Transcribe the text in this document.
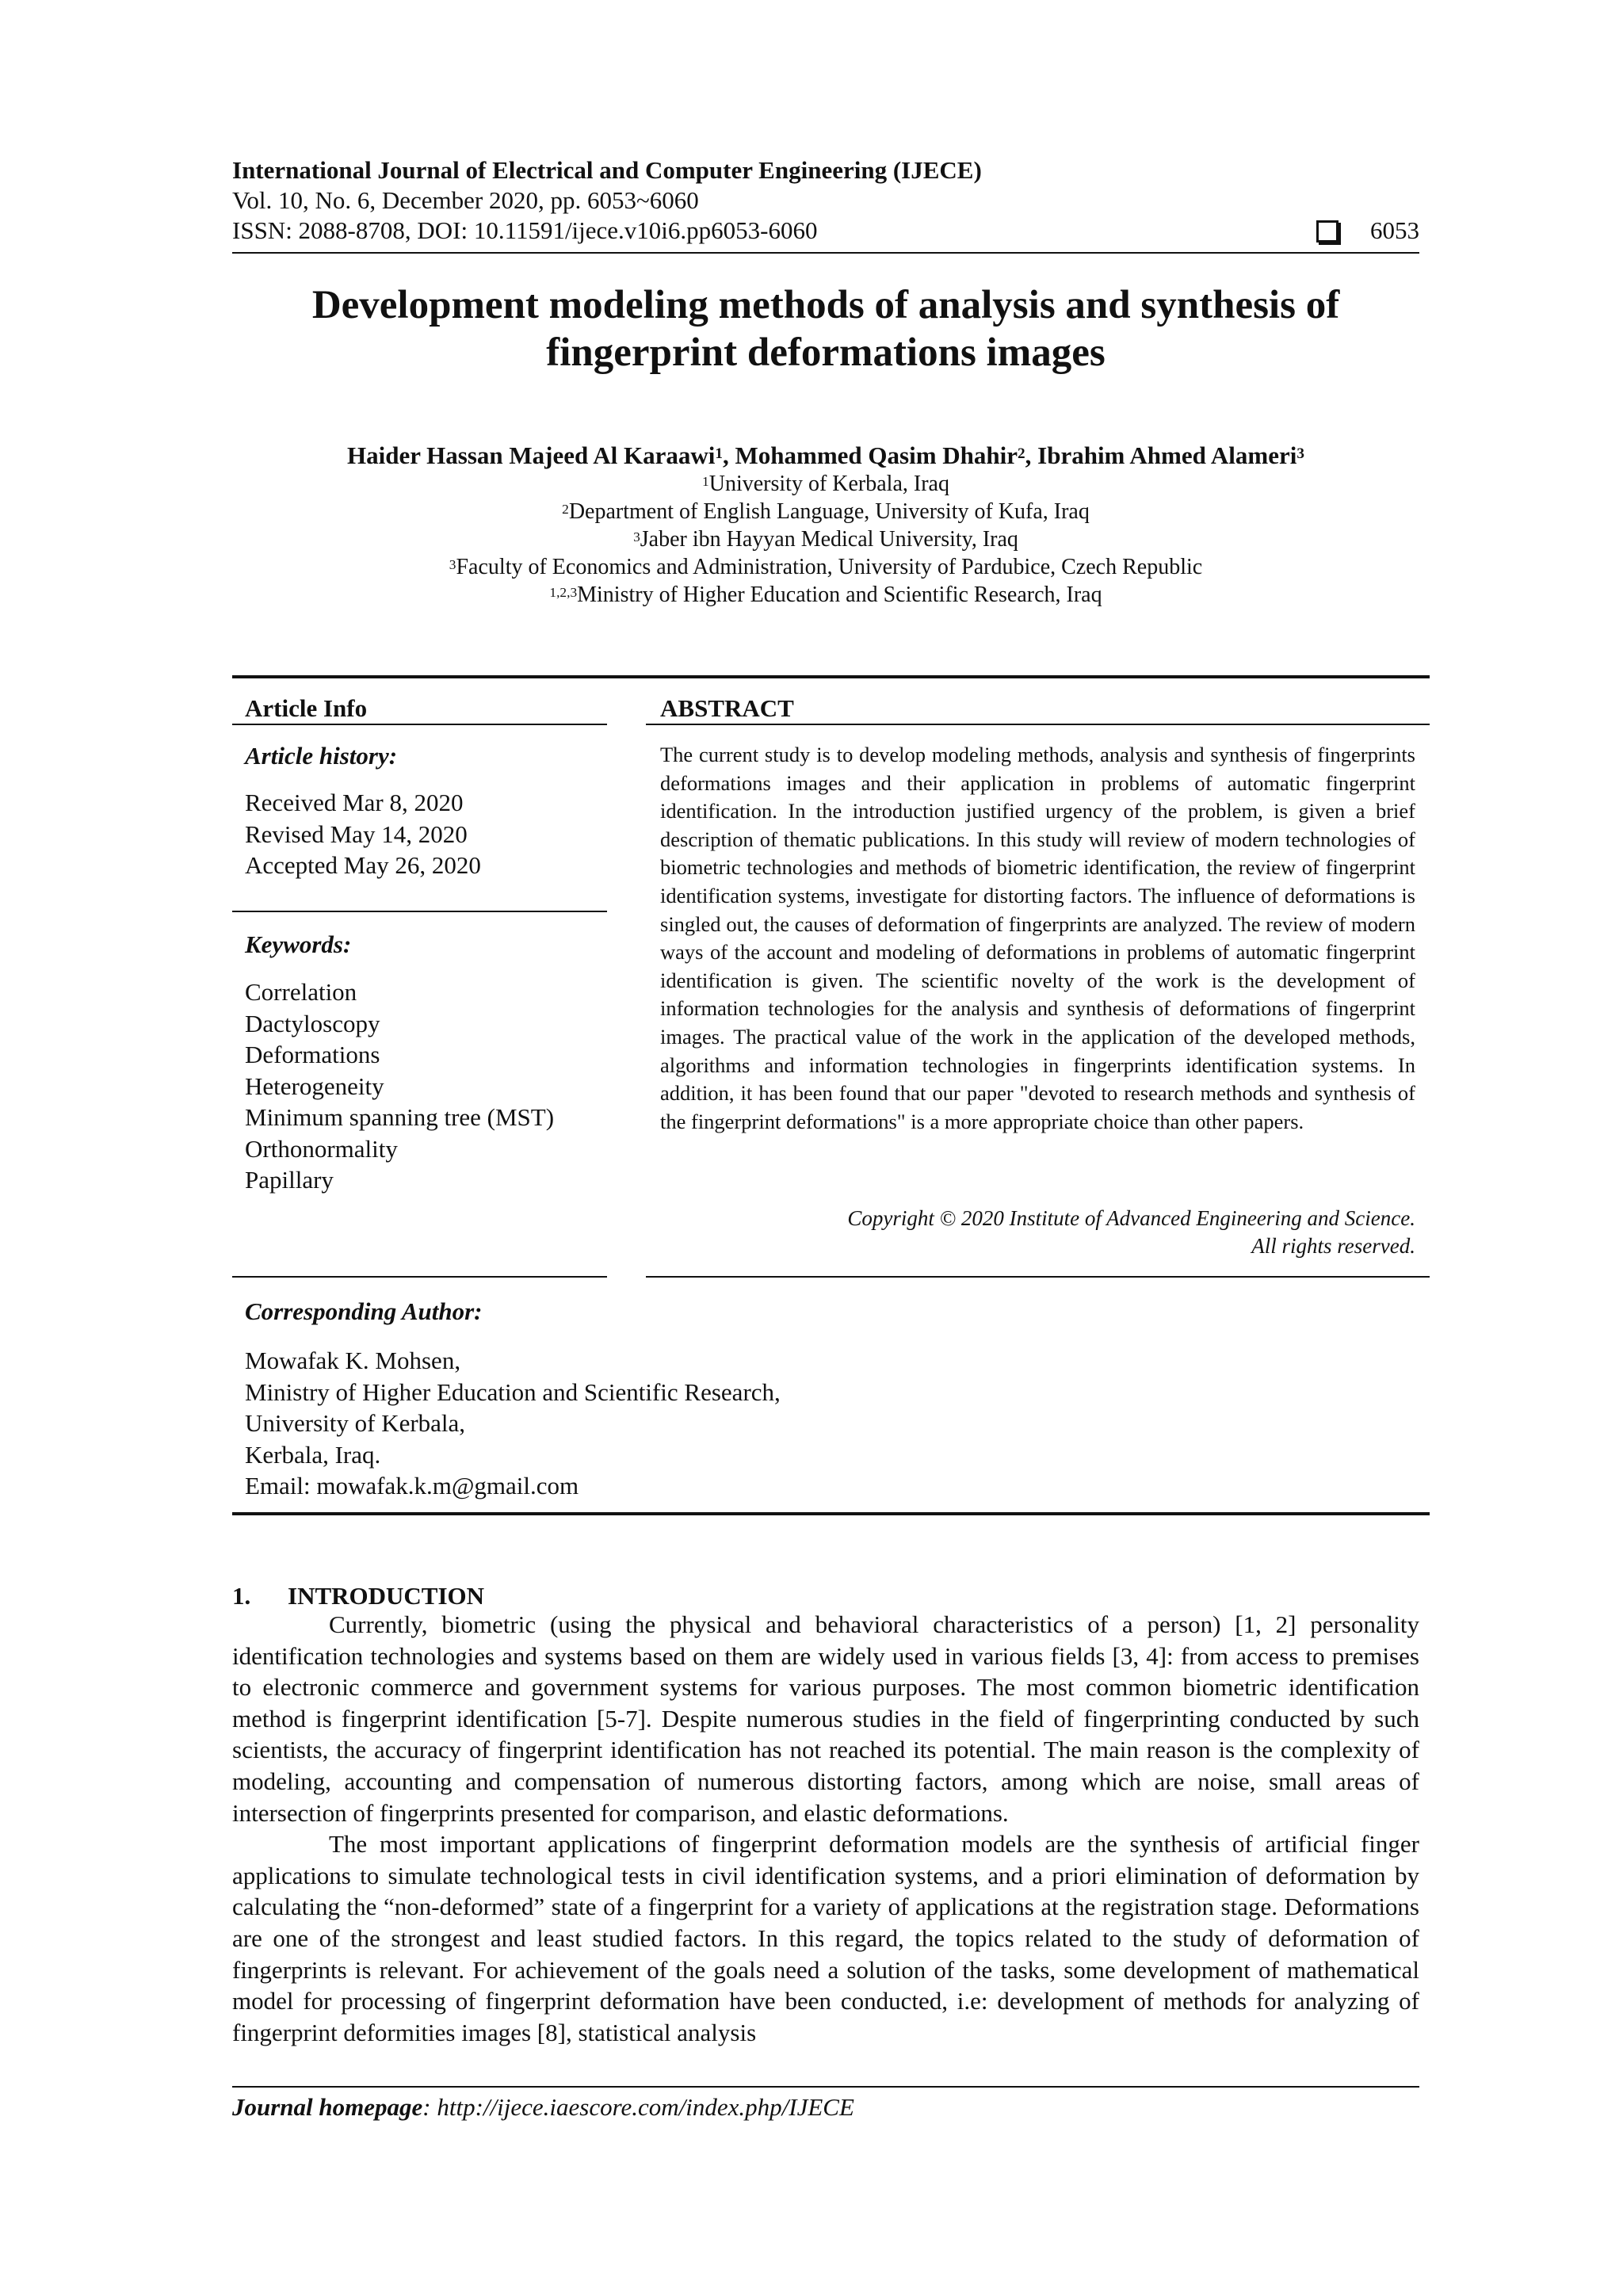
International Journal of Electrical and Computer Engineering (IJECE)
Vol. 10, No. 6, December 2020, pp. 6053~6060
ISSN: 2088-8708, DOI: 10.11591/ijece.v10i6.pp6053-6060	6053
Development modeling methods of analysis and synthesis of
fingerprint deformations images
Haider Hassan Majeed Al Karaawi$^1$, Mohammed Qasim Dhahir$^2$, Ibrahim Ahmed Alameri$^3$
$^1$University of Kerbala, Iraq
$^2$Department of English Language, University of Kufa, Iraq
$^3$Jaber ibn Hayyan Medical University, Iraq
$^3$Faculty of Economics and Administration, University of Pardubice, Czech Republic
$^{1,2,3}$Ministry of Higher Education and Scientific Research, Iraq
Article Info
Article history:
Received Mar 8, 2020
Revised May 14, 2020
Accepted May 26, 2020
Keywords:
Correlation
Dactyloscopy
Deformations
Heterogeneity
Minimum spanning tree (MST)
Orthonormality
Papillary
ABSTRACT
The current study is to develop modeling methods, analysis and synthesis of fingerprints deformations images and their application in problems of automatic fingerprint identification. In the introduction justified urgency of the problem, is given a brief description of thematic publications. In this study will review of modern technologies of biometric technologies and methods of biometric identification, the review of fingerprint identification systems, investigate for distorting factors. The influence of deformations is singled out, the causes of deformation of fingerprints are analyzed. The review of modern ways of the account and modeling of deformations in problems of automatic fingerprint identification is given. The scientific novelty of the work is the development of information technologies for the analysis and synthesis of deformations of fingerprint images. The practical value of the work in the application of the developed methods, algorithms and information technologies in fingerprints identification systems. In addition, it has been found that our paper "devoted to research methods and synthesis of the fingerprint deformations" is a more appropriate choice than other papers.
Copyright © 2020 Institute of Advanced Engineering and Science.
All rights reserved.
Corresponding Author:
Mowafak K. Mohsen,
Ministry of Higher Education and Scientific Research,
University of Kerbala,
Kerbala, Iraq.
Email: mowafak.k.m@gmail.com
1. INTRODUCTION

Currently, biometric (using the physical and behavioral characteristics of a person) [1, 2] personality identification technologies and systems based on them are widely used in various fields [3, 4]: from access to premises to electronic commerce and government systems for various purposes. The most common biometric identification method is fingerprint identification [5-7]. Despite numerous studies in the field of fingerprinting conducted by such scientists, the accuracy of fingerprint identification has not reached its potential. The main reason is the complexity of modeling, accounting and compensation of numerous distorting factors, among which are noise, small areas of intersection of fingerprints presented for comparison, and elastic deformations.

The most important applications of fingerprint deformation models are the synthesis of artificial finger applications to simulate technological tests in civil identification systems, and a priori elimination of deformation by calculating the “non-deformed” state of a fingerprint for a variety of applications at the registration stage. Deformations are one of the strongest and least studied factors. In this regard, the topics related to the study of deformation of fingerprints is relevant. For achievement of the goals need a solution of the tasks, some development of mathematical model for processing of fingerprint deformation have been conducted, i.e: development of methods for analyzing of fingerprint deformities images [8], statistical analysis

Journal homepage: http://ijece.iaescore.com/index.php/IJECE
